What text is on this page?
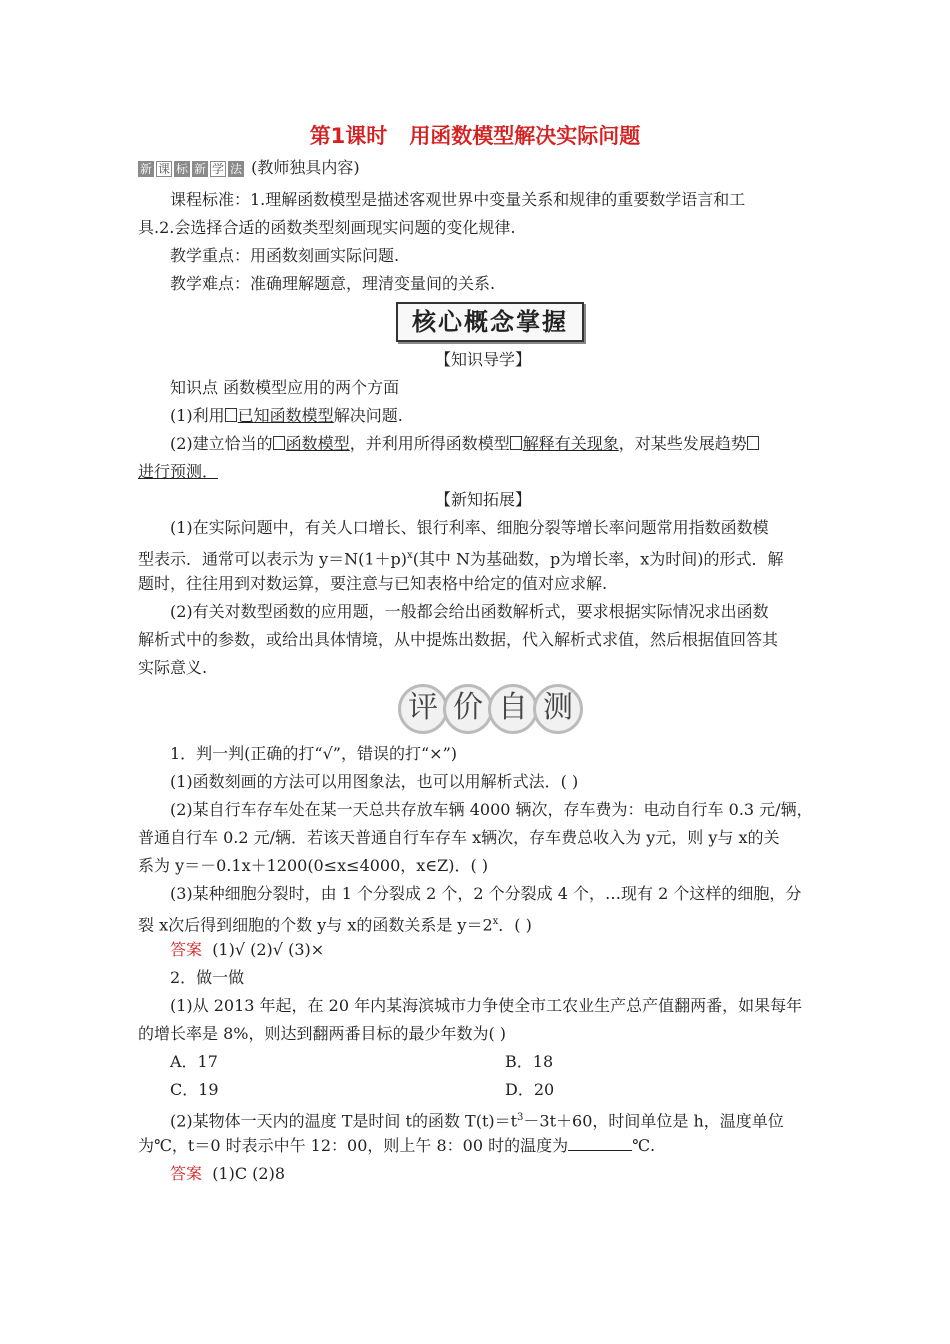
第1课时 用函数模型解决实际问题
新 课 标 新 学 法 (教师独具内容)
课程标准：1.理解函数模型是描述客观世界中变量关系和规律的重要数学语言和工
具.2.会选择合适的函数类型刻画现实问题的变化规律.
教学重点：用函数刻画实际问题.
教学难点：准确理解题意，理清变量间的关系.
核心概念掌握
【知识导学】
知识点 函数模型应用的两个方面
(1)利用 已知函数模型解决问题.
(2)建立恰当的 函数模型，并利用所得函数模型 解释有关现象，对某些发展趋势
进行预测．
【新知拓展】
(1)在实际问题中，有关人口增长、银行利率、细胞分裂等增长率问题常用指数函数模
型表示．通常可以表示为 $y=N(1+p)^x$(其中 N为基础数，p为增长率，x为时间)的形式．解
题时，往往用到对数运算，要注意与已知表格中给定的值对应求解.
(2)有关对数型函数的应用题，一般都会给出函数解析式，要求根据实际情况求出函数
解析式中的参数，或给出具体情境，从中提炼出数据，代入解析式求值，然后根据值回答其
实际意义.
评 价 自 测
1．判一判(正确的打“√”，错误的打“×”)
(1)函数刻画的方法可以用图象法，也可以用解析式法．( )
(2)某自行车存车处在某一天总共存放车辆 4000 辆次，存车费为：电动自行车 0.3 元/辆，
普通自行车 0.2 元/辆．若该天普通自行车存车 x辆次，存车费总收入为 y元，则 y与 x的关
系为 y＝－0.1x＋1200(0≤x≤4000，x∈Z)．( )
(3)某种细胞分裂时，由 1 个分裂成 2 个，2 个分裂成 4 个，…现有 2 个这样的细胞，分
裂 x次后得到细胞的个数 y与 x的函数关系是 $y=2^x$．( )
答案 (1)√ (2)√ (3)×
2．做一做
(1)从 2013 年起，在 20 年内某海滨城市力争使全市工农业生产总产值翻两番，如果每年
的增长率是 8%，则达到翻两番目标的最少年数为( )
A．17	B．18
C．19	D．20
(2)某物体一天内的温度 T是时间 t的函数 $T(t)=t^3-3t+60$，时间单位是 h，温度单位
为℃，t＝0 时表示中午 12：00，则上午 8：00 时的温度为	℃.
答案 (1)C (2)8
